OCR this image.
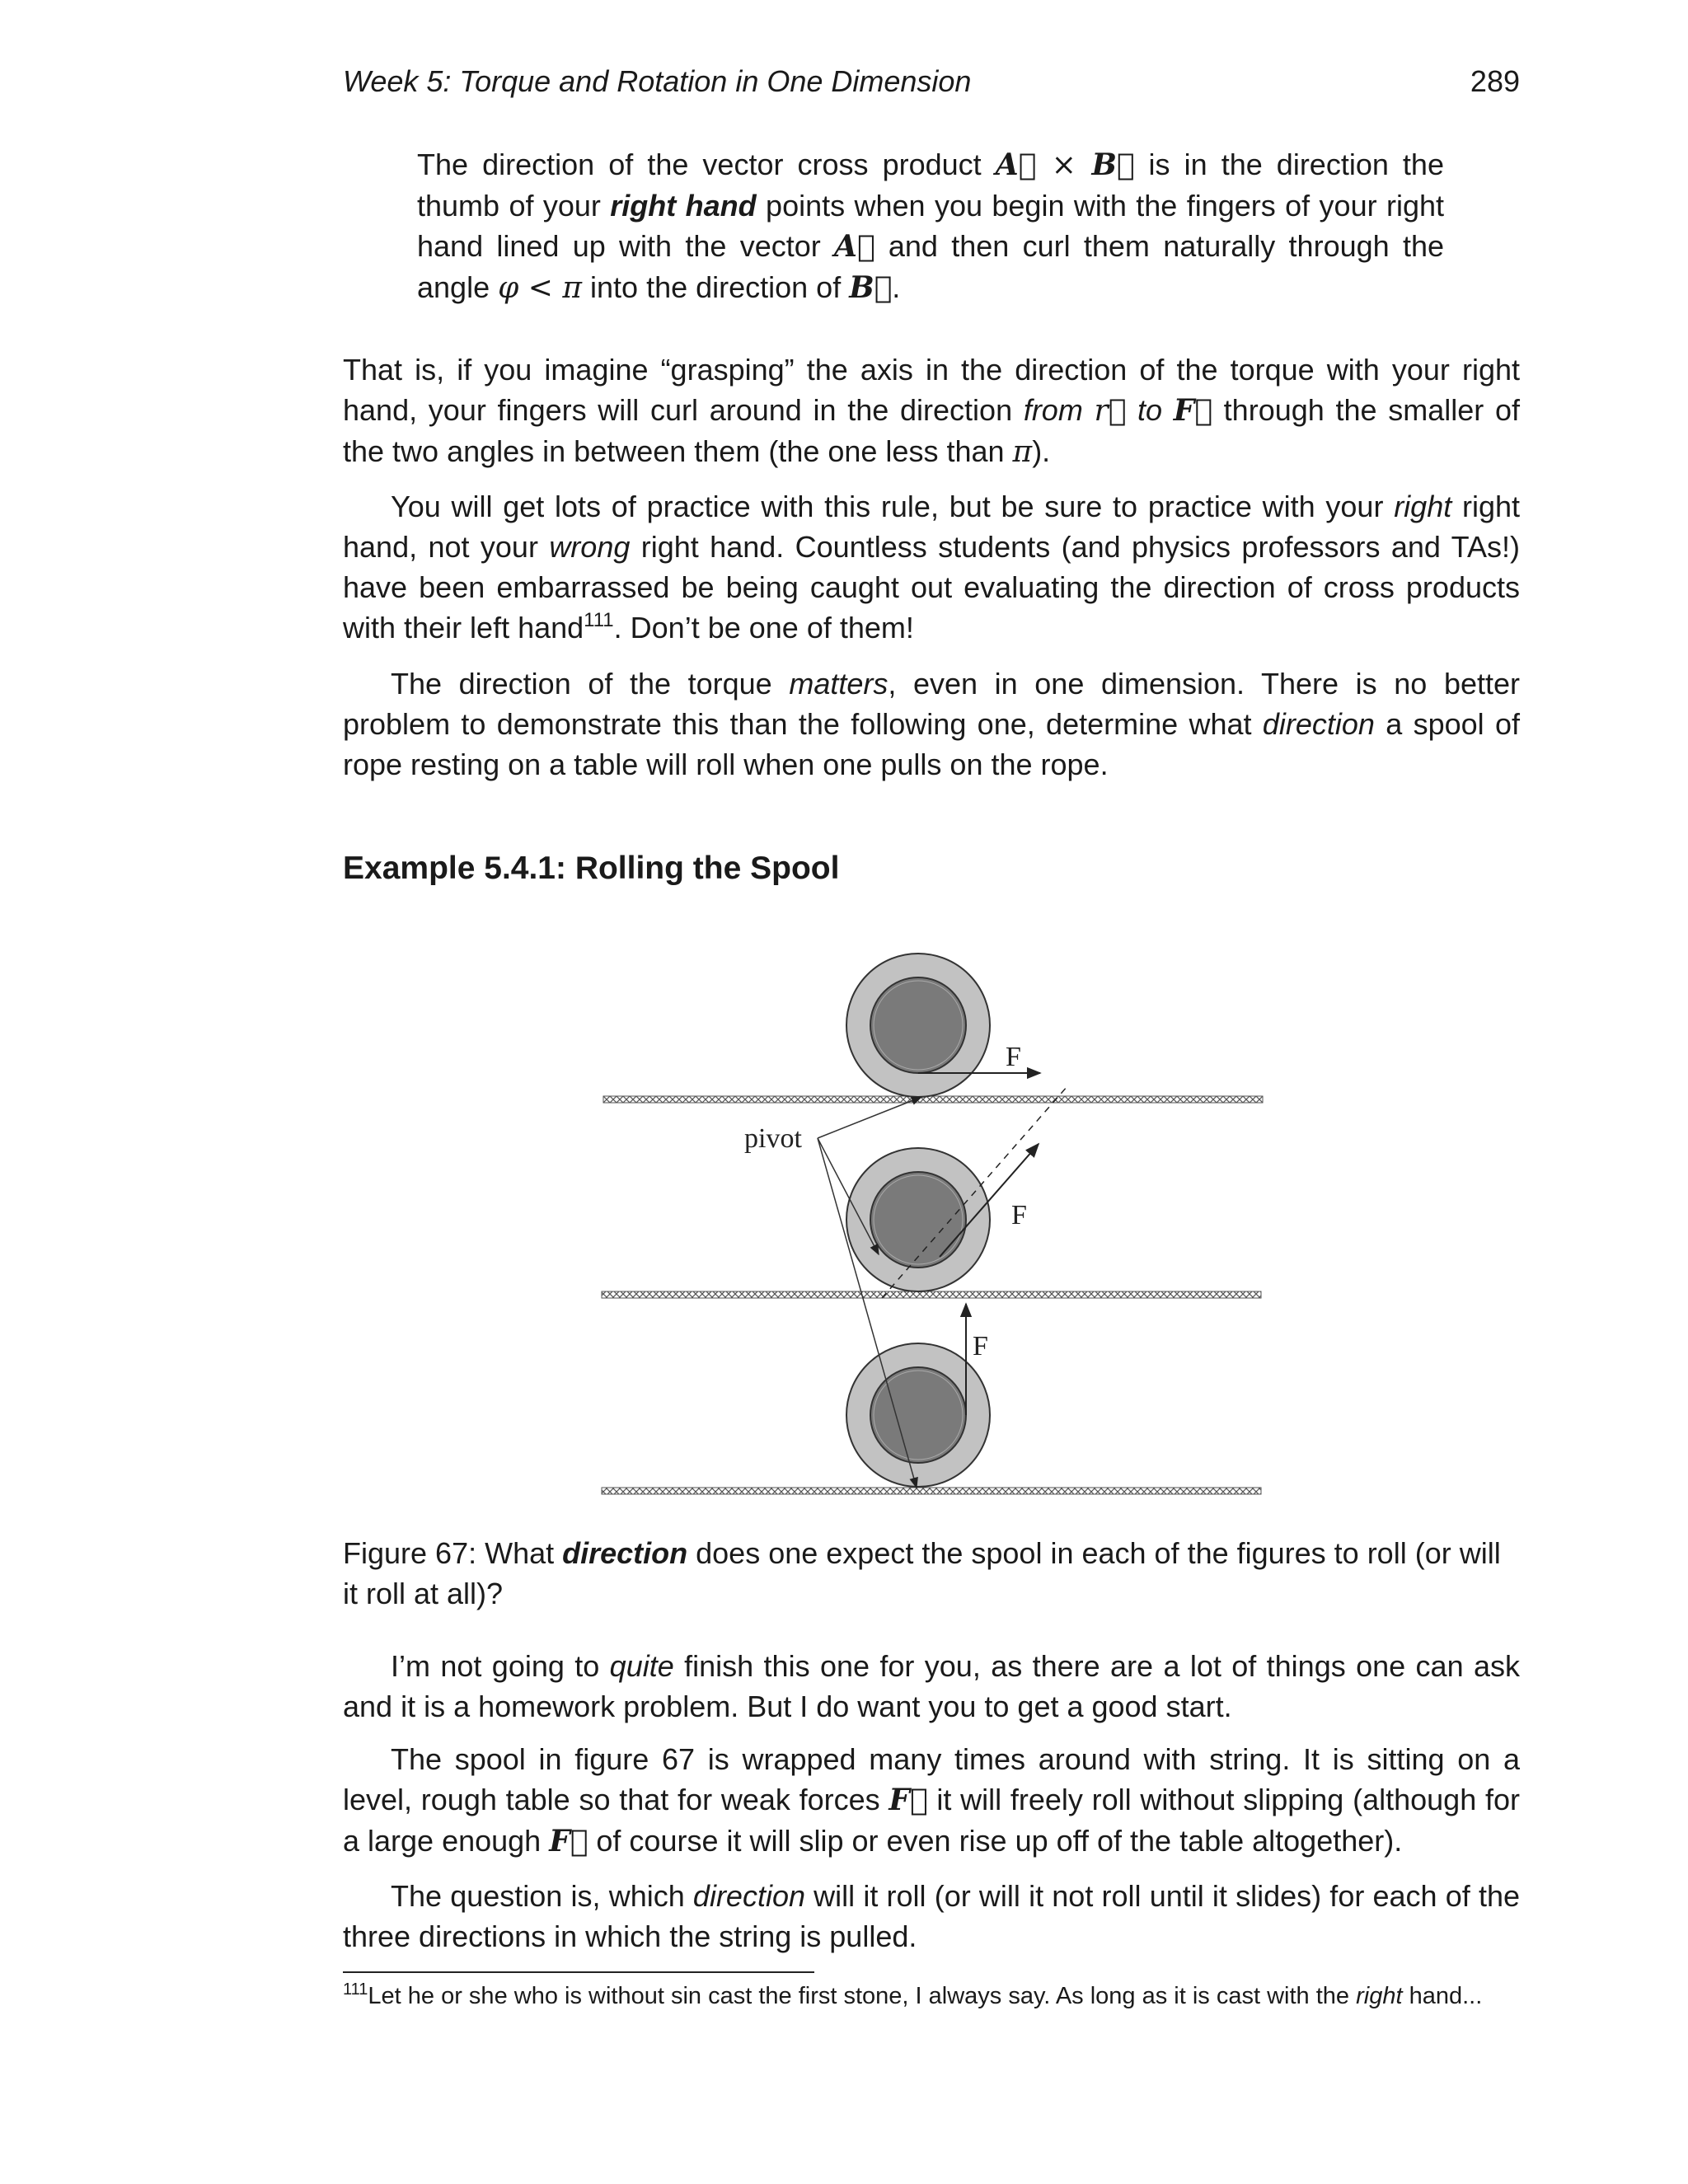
Week 5: Torque and Rotation in One Dimension	289
The direction of the vector cross product A × B is in the direction the thumb of your right hand points when you begin with the fingers of your right hand lined up with the vector A and then curl them naturally through the angle φ < π into the direction of B.
That is, if you imagine “grasping” the axis in the direction of the torque with your right hand, your fingers will curl around in the direction from r to F through the smaller of the two angles in between them (the one less than π).
You will get lots of practice with this rule, but be sure to practice with your right right hand, not your wrong right hand. Countless students (and physics professors and TAs!) have been embarrassed be being caught out evaluating the direction of cross products with their left hand$^{111}$. Don’t be one of them!
The direction of the torque matters, even in one dimension. There is no better problem to demonstrate this than the following one, determine what direction a spool of rope resting on a table will roll when one pulls on the rope.
Example 5.4.1: Rolling the Spool
pivot
F
F
F
Figure 67: What direction does one expect the spool in each of the figures to roll (or will it roll at all)?
I’m not going to quite finish this one for you, as there are a lot of things one can ask and it is a homework problem. But I do want you to get a good start.
The spool in figure 67 is wrapped many times around with string. It is sitting on a level, rough table so that for weak forces F it will freely roll without slipping (although for a large enough F of course it will slip or even rise up off of the table altogether).
The question is, which direction will it roll (or will it not roll until it slides) for each of the three directions in which the string is pulled.
$^{111}$Let he or she who is without sin cast the first stone, I always say. As long as it is cast with the right hand...
